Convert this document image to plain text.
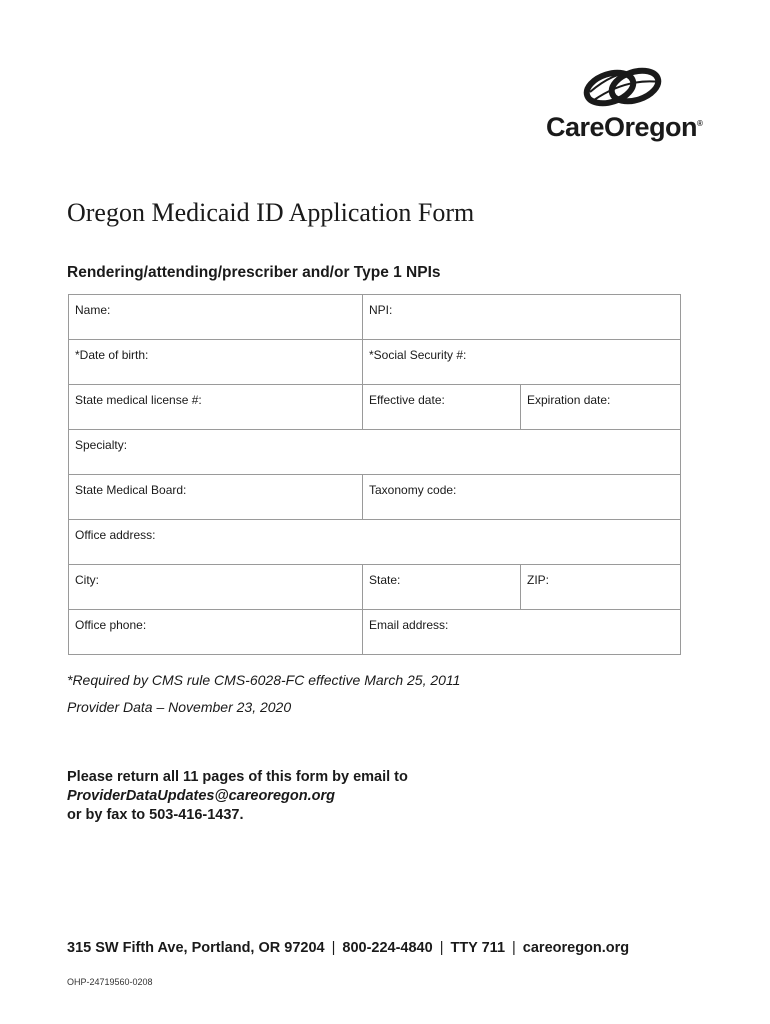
CareOregon®
Oregon Medicaid ID Application Form
Rendering/attending/prescriber and/or Type 1 NPIs
Name:	NPI:	
*Date of birth:	*Social Security #:	
State medical license #:	Effective date:	Expiration date:
Specialty:		
State Medical Board:	Taxonomy code:	
Office address:		
City:	State:	ZIP:
Office phone:	Email address:	

*Required by CMS rule CMS-6028-FC effective March 25, 2011

Provider Data – November 23, 2020

Please return all 11 pages of this form by email to
ProviderDataUpdates@careoregon.org
or by fax to 503-416-1437.
315 SW Fifth Ave, Portland, OR 97204 | 800-224-4840 | TTY 711 | careoregon.org
OHP-24719560-0208
